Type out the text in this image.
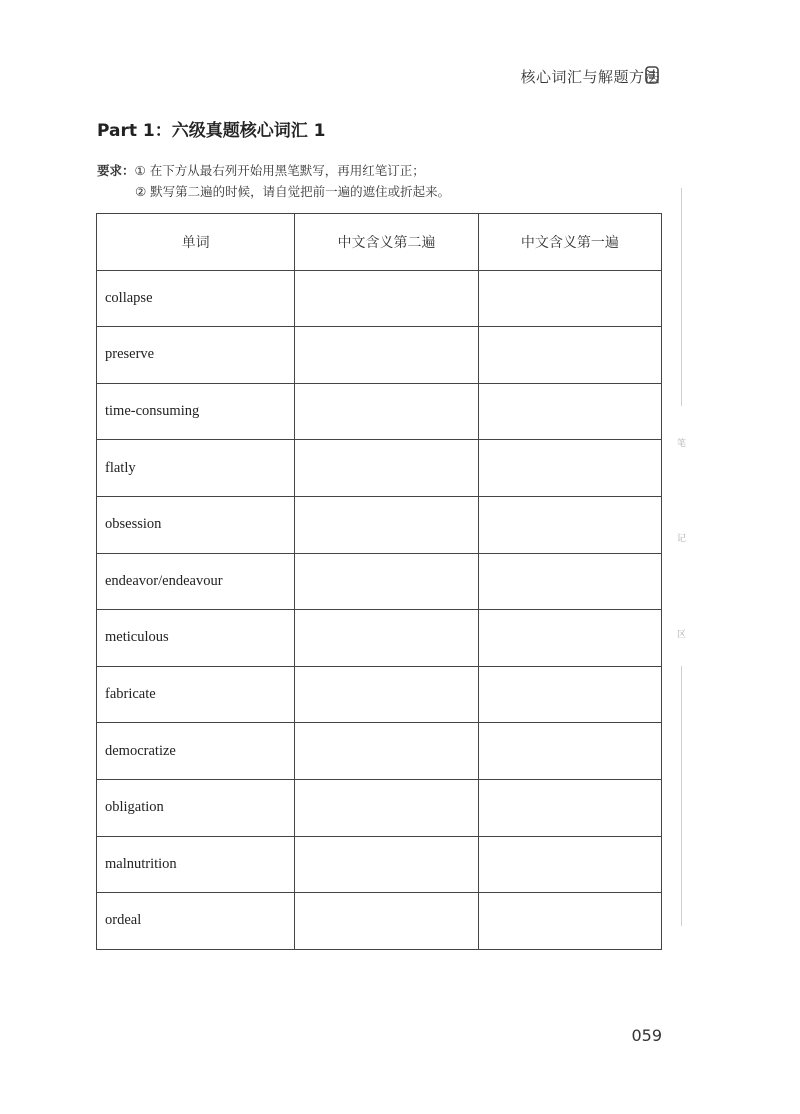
核心词汇与解题方法
Part 1：六级真题核心词汇 1
要求：① 在下方从最右列开始用黑笔默写，再用红笔订正；
② 默写第二遍的时候，请自觉把前一遍的遮住或折起来。
单词	中文含义第二遍	中文含义第一遍
collapse		
preserve		
time-consuming		
flatly		
obsession		
endeavor/endeavour		
meticulous		
fabricate		
democratize		
obligation		
malnutrition		
ordeal		
笔
记
区
059
